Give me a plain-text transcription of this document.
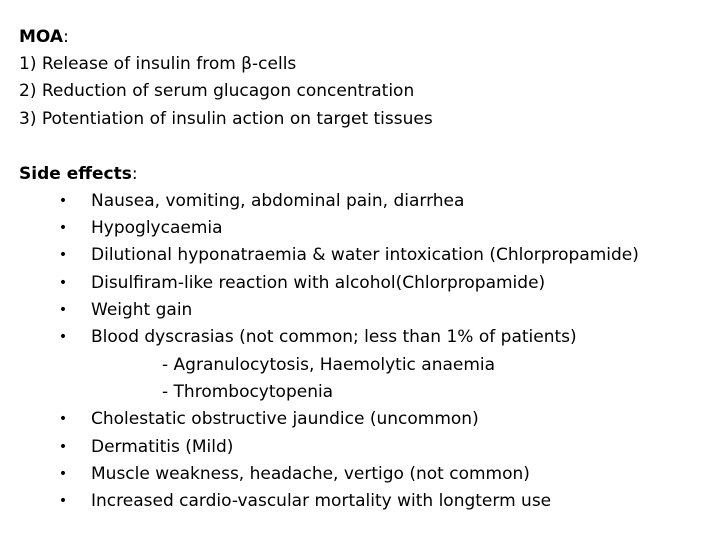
MOA:
1) Release of insulin from β-cells
2) Reduction of serum glucagon concentration
3) Potentiation of insulin action on target tissues
Side effects:
• Nausea, vomiting, abdominal pain, diarrhea
• Hypoglycaemia
• Dilutional hyponatraemia & water intoxication (Chlorpropamide)
• Disulfiram-like reaction with alcohol(Chlorpropamide)
• Weight gain
• Blood dyscrasias (not common; less than 1% of patients)
- Agranulocytosis, Haemolytic anaemia
- Thrombocytopenia
• Cholestatic obstructive jaundice (uncommon)
• Dermatitis (Mild)
• Muscle weakness, headache, vertigo (not common)
• Increased cardio-vascular mortality with longterm use
